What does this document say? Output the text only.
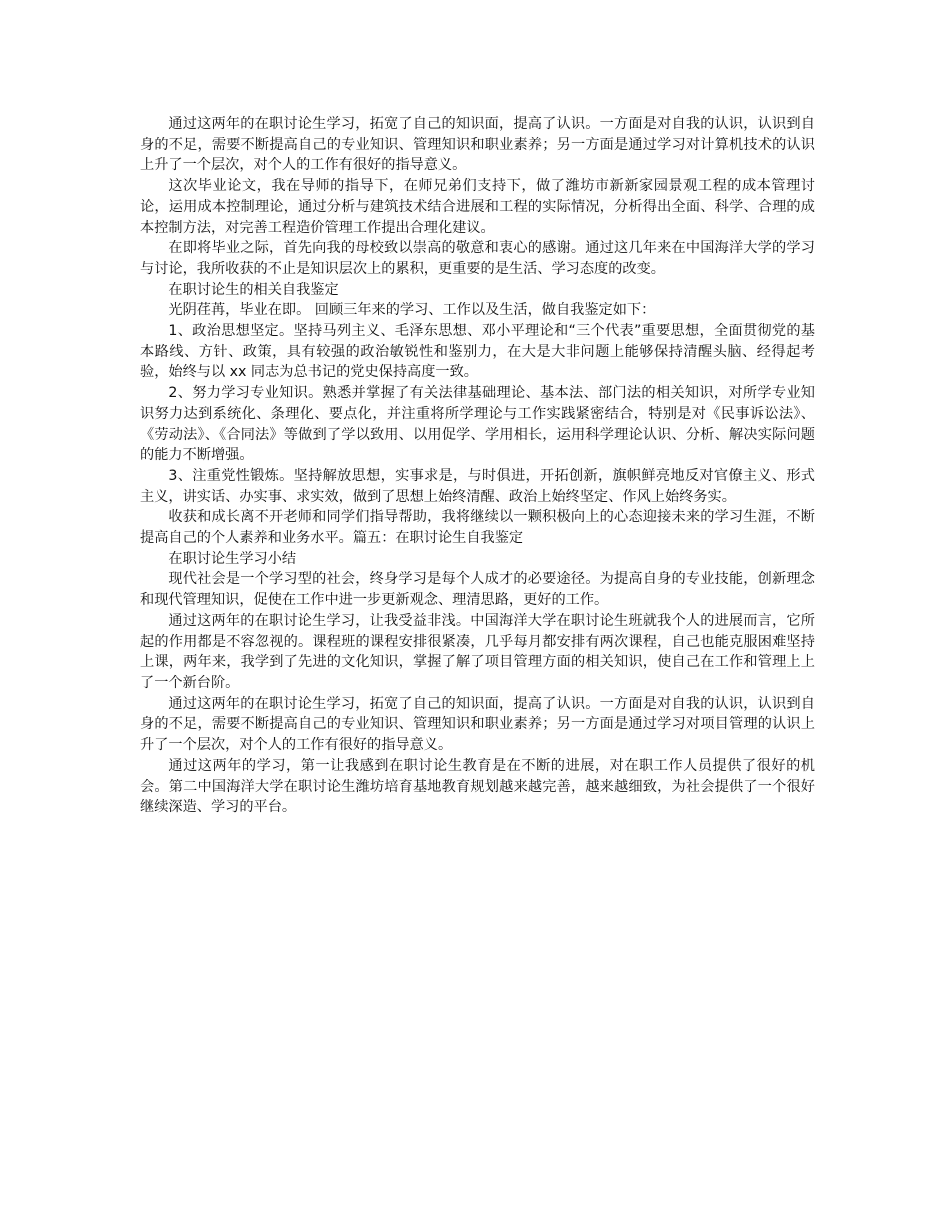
通过这两年的在职讨论生学习，拓宽了自己的知识面，提高了认识。一方面是对自我的认识，认识到自身的不足，需要不断提高自己的专业知识、管理知识和职业素养；另一方面是通过学习对计算机技术的认识上升了一个层次，对个人的工作有很好的指导意义。

这次毕业论文，我在导师的指导下，在师兄弟们支持下，做了潍坊市新新家园景观工程的成本管理讨论，运用成本控制理论，通过分析与建筑技术结合进展和工程的实际情况，分析得出全面、科学、合理的成本控制方法，对完善工程造价管理工作提出合理化建议。

在即将毕业之际，首先向我的母校致以崇高的敬意和衷心的感谢。通过这几年来在中国海洋大学的学习与讨论，我所收获的不止是知识层次上的累积，更重要的是生活、学习态度的改变。

在职讨论生的相关自我鉴定

光阴荏苒，毕业在即。 回顾三年来的学习、工作以及生活，做自我鉴定如下：

1、政治思想坚定。坚持马列主义、毛泽东思想、邓小平理论和“三个代表”重要思想，全面贯彻党的基本路线、方针、政策，具有较强的政治敏锐性和鉴别力，在大是大非问题上能够保持清醒头脑、经得起考验，始终与以 xx 同志为总书记的党史保持高度一致。

2、努力学习专业知识。熟悉并掌握了有关法律基础理论、基本法、部门法的相关知识，对所学专业知识努力达到系统化、条理化、要点化，并注重将所学理论与工作实践紧密结合，特别是对《民事诉讼法》、《劳动法》、《合同法》等做到了学以致用、以用促学、学用相长，运用科学理论认识、分析、解决实际问题的能力不断增强。

3、注重党性锻炼。坚持解放思想，实事求是，与时俱进，开拓创新，旗帜鲜亮地反对官僚主义、形式主义，讲实话、办实事、求实效，做到了思想上始终清醒、政治上始终坚定、作风上始终务实。

收获和成长离不开老师和同学们指导帮助，我将继续以一颗积极向上的心态迎接未来的学习生涯，不断提高自己的个人素养和业务水平。篇五：在职讨论生自我鉴定

在职讨论生学习小结

现代社会是一个学习型的社会，终身学习是每个人成才的必要途径。为提高自身的专业技能，创新理念和现代管理知识，促使在工作中进一步更新观念、理清思路，更好的工作。

通过这两年的在职讨论生学习，让我受益非浅。中国海洋大学在职讨论生班就我个人的进展而言，它所起的作用都是不容忽视的。课程班的课程安排很紧凑，几乎每月都安排有两次课程，自己也能克服困难坚持上课，两年来，我学到了先进的文化知识，掌握了解了项目管理方面的相关知识，使自己在工作和管理上上了一个新台阶。

通过这两年的在职讨论生学习，拓宽了自己的知识面，提高了认识。一方面是对自我的认识，认识到自身的不足，需要不断提高自己的专业知识、管理知识和职业素养；另一方面是通过学习对项目管理的认识上升了一个层次，对个人的工作有很好的指导意义。

通过这两年的学习，第一让我感到在职讨论生教育是在不断的进展，对在职工作人员提供了很好的机会。第二中国海洋大学在职讨论生潍坊培育基地教育规划越来越完善，越来越细致，为社会提供了一个很好继续深造、学习的平台。
